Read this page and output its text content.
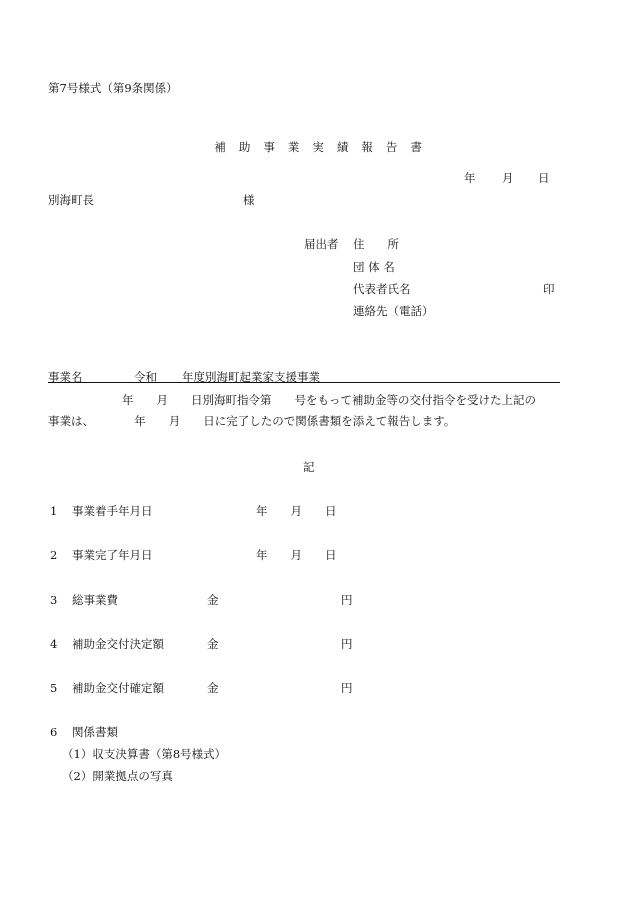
第7号様式（第9条関係）

補 助 事 業 実 績 報 告 書

年 月 日
別海町長	様
届出者 住　　所
団 体 名
代表者氏名	印
連絡先（電話）
事業名	令和 年度別海町起業家支援事業
年　　月　　日別海町指令第　　号をもって補助金等の交付指令を受けた上記の
事業は、　　　　年　　月　　日に完了したので関係書類を添えて報告します。
記
1 事業着手年月日	年　　月　　日
2 事業完了年月日	年　　月　　日
3 総事業費	金	円
4 補助金交付決定額	金	円
5 補助金交付確定額	金	円
6 関係書類
（1）収支決算書（第8号様式）
（2）開業拠点の写真
